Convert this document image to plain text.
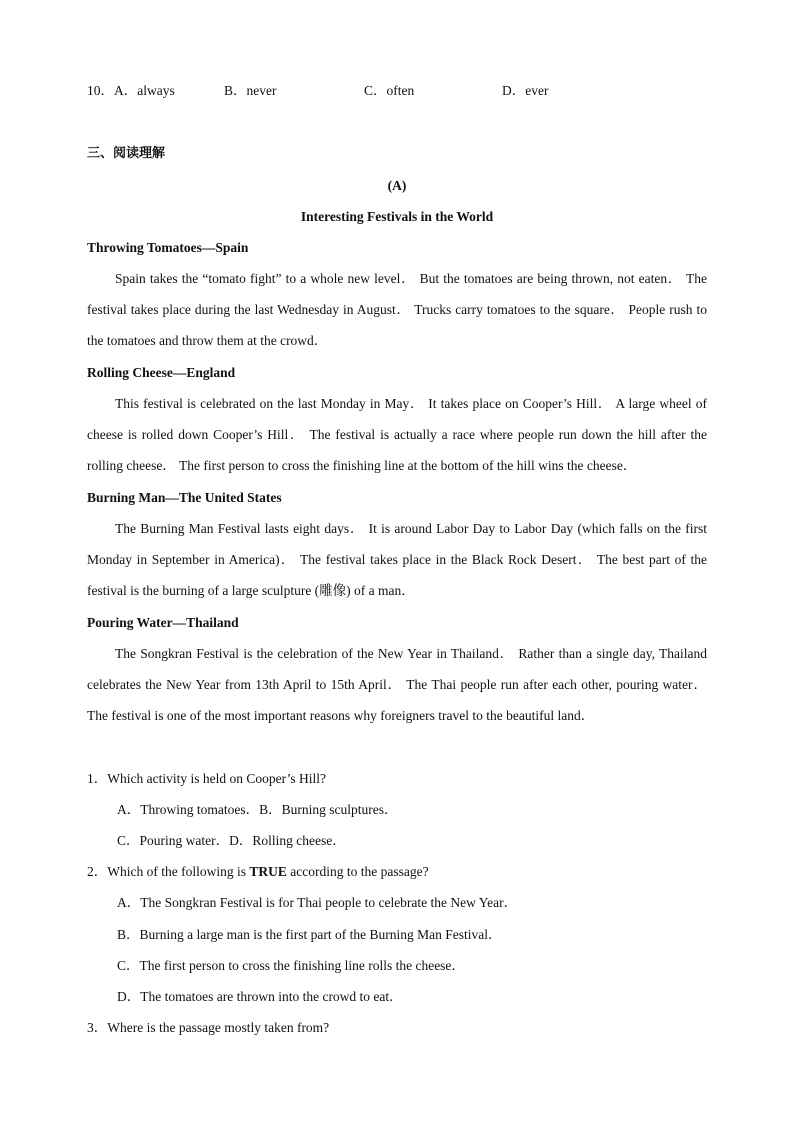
10．A．always	B．never	C．often	D．ever
三、阅读理解
(A)
Interesting Festivals in the World
Throwing Tomatoes—Spain
Spain takes the “tomato fight” to a whole new level． But the tomatoes are being thrown, not eaten． The festival takes place during the last Wednesday in August． Trucks carry tomatoes to the square． People rush to the tomatoes and throw them at the crowd．
Rolling Cheese—England
This festival is celebrated on the last Monday in May． It takes place on Cooper’s Hill． A large wheel of cheese is rolled down Cooper’s Hill． The festival is actually a race where people run down the hill after the rolling cheese． The first person to cross the finishing line at the bottom of the hill wins the cheese．
Burning Man—The United States
The Burning Man Festival lasts eight days． It is around Labor Day to Labor Day (which falls on the first Monday in September in America)． The festival takes place in the Black Rock Desert． The best part of the festival is the burning of a large sculpture (雕像) of a man．
Pouring Water—Thailand
The Songkran Festival is the celebration of the New Year in Thailand． Rather than a single day, Thailand celebrates the New Year from 13th April to 15th April． The Thai people run after each other, pouring water． The festival is one of the most important reasons why foreigners travel to the beautiful land．
1．Which activity is held on Cooper’s Hill?
A．Throwing tomatoes．B．Burning sculptures．
C．Pouring water．D．Rolling cheese．
2．Which of the following is TRUE according to the passage?
A．The Songkran Festival is for Thai people to celebrate the New Year．
B．Burning a large man is the first part of the Burning Man Festival．
C．The first person to cross the finishing line rolls the cheese．
D．The tomatoes are thrown into the crowd to eat．
3．Where is the passage mostly taken from?
